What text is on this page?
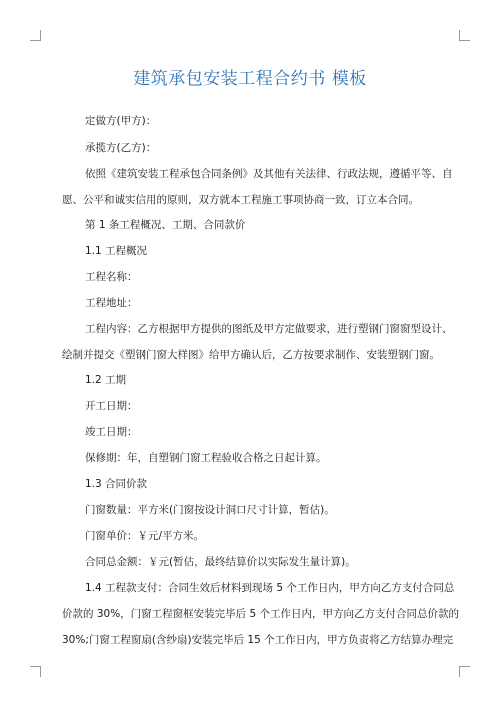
建筑承包安装工程合约书 模板
定做方(甲方)：
承揽方(乙方)：
依照《建筑安装工程承包合同条例》及其他有关法律、行政法规，遵循平等、自
愿、公平和诚实信用的原则，双方就本工程施工事项协商一致，订立本合同。
第 1 条工程概况、工期、合同款价
1.1 工程概况
工程名称：
工程地址：
工程内容：乙方根据甲方提供的图纸及甲方定做要求，进行塑钢门窗窗型设计、
绘制并提交《塑钢门窗大样图》给甲方确认后，乙方按要求制作、安装塑钢门窗。
1.2 工期
开工日期：
竣工日期：
保修期：年，自塑钢门窗工程验收合格之日起计算。
1.3 合同价款
门窗数量：平方米(门窗按设计洞口尺寸计算，暂估)。
门窗单价：￥元/平方米。
合同总金额：￥元(暂估，最终结算价以实际发生量计算)。
1.4 工程款支付：合同生效后材料到现场 5 个工作日内，甲方向乙方支付合同总
价款的 30%，门窗工程窗框安装完毕后 5 个工作日内，甲方向乙方支付合同总价款的
30%;门窗工程窗扇(含纱扇)安装完毕后 15 个工作日内，甲方负责将乙方结算办理完
